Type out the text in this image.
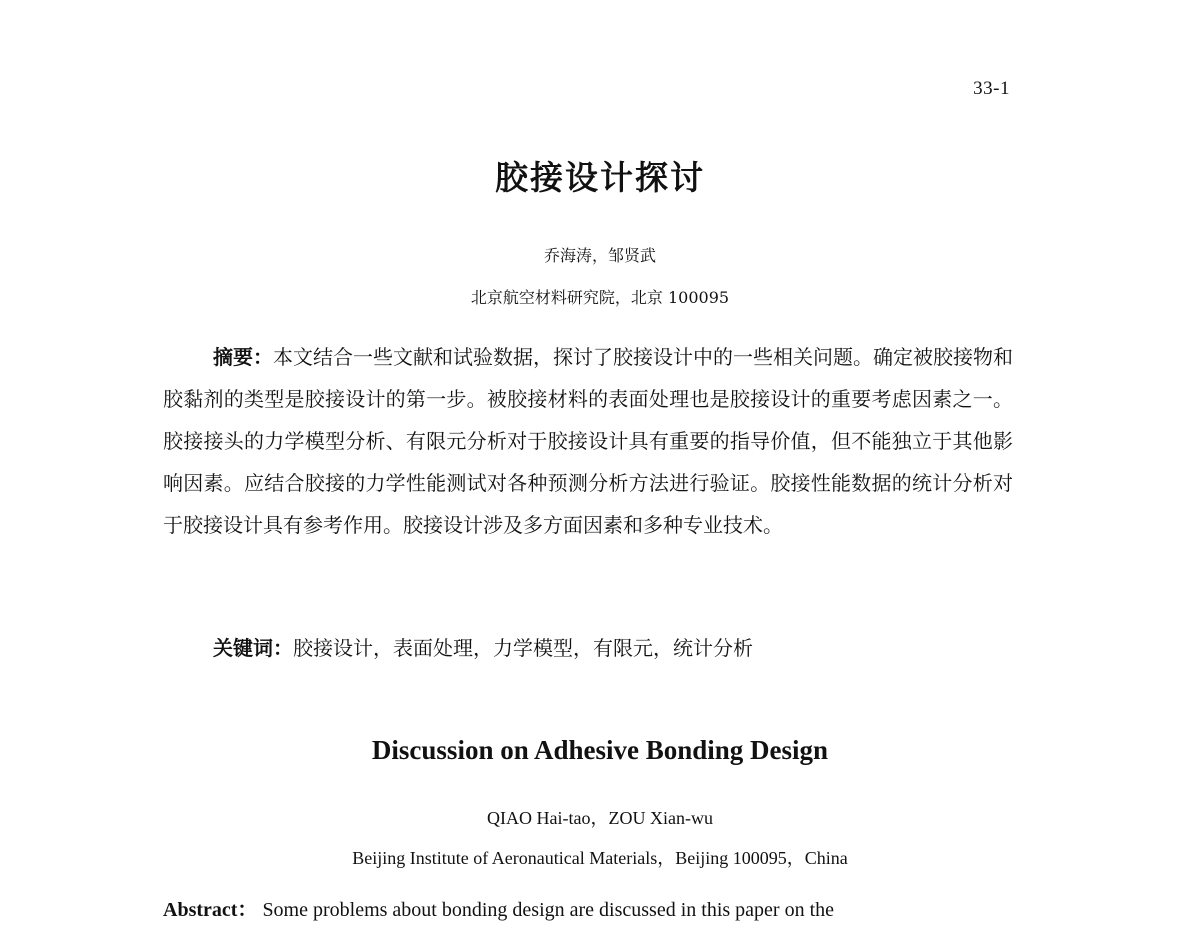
33-1
胶接设计探讨
乔海涛，邹贤武
北京航空材料研究院，北京 100095

摘要：本文结合一些文献和试验数据，探讨了胶接设计中的一些相关问题。确定被胶接物和胶黏剂的类型是胶接设计的第一步。被胶接材料的表面处理也是胶接设计的重要考虑因素之一。胶接接头的力学模型分析、有限元分析对于胶接设计具有重要的指导价值，但不能独立于其他影响因素。应结合胶接的力学性能测试对各种预测分析方法进行验证。胶接性能数据的统计分析对于胶接设计具有参考作用。胶接设计涉及多方面因素和多种专业技术。

关键词：胶接设计，表面处理，力学模型，有限元，统计分析

Discussion on Adhesive Bonding Design
QIAO Hai-tao，ZOU Xian-wu
Beijing Institute of Aeronautical Materials，Beijing 100095，China

Abstract： Some problems about bonding design are discussed in this paper on the
